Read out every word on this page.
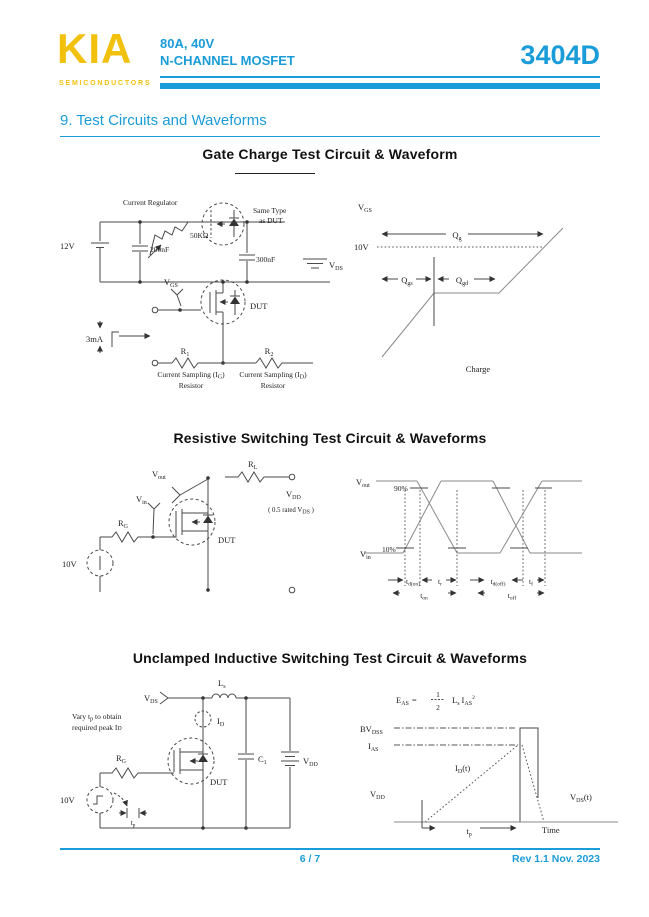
KIA
SEMICONDUCTORS
80A, 40V
N-CHANNEL MOSFET	3404D
9. Test Circuits and Waveforms
Gate Charge Test Circuit & Waveform
Current Regulator
12V	200nF
50KΩ
300nF
Same Type
as DUT
$V_{DS}$
$V_{GS}$
DUT
3mA
$R_1$	$R_2$
Current Sampling $(I_G)$
Resistor
Current Sampling $(I_D)$
Resistor
$V_{GS}$
10V
$Q_g$
$Q_{gs}$	$Q_{gd}$
Charge
Resistive Switching Test Circuit & Waveforms
$R_L$
$V_{DD}$
( 0.5 rated VDS )
$V_{out}$
$V_{in}$
$R_G$
10V
DUT
$V_{out}$	90%
$V_{in}$
10%
$t_{d(on)}$ $t_r$
$t_{on}$
$t_{d(off)}$	$t_f$
$t_{off}$
Unclamped Inductive Switching Test Circuit & Waveforms
$V_{DS}$
$L_s$
$I_D$
Vary $t_p$ to obtain
required peak ID
$R_G$
10V
$t_p$
DUT
$C_1$	$V_{DD}$
$E_{AS}$ =
1
2
$L_s$ $I_{AS}^2$
$BV_{DSS}$
$I_{AS}$
$I_D(t)$
$V_{DD}$	$V_{DS}(t)$
$t_p$	Time
6 / 7	Rev 1.1 Nov. 2023
